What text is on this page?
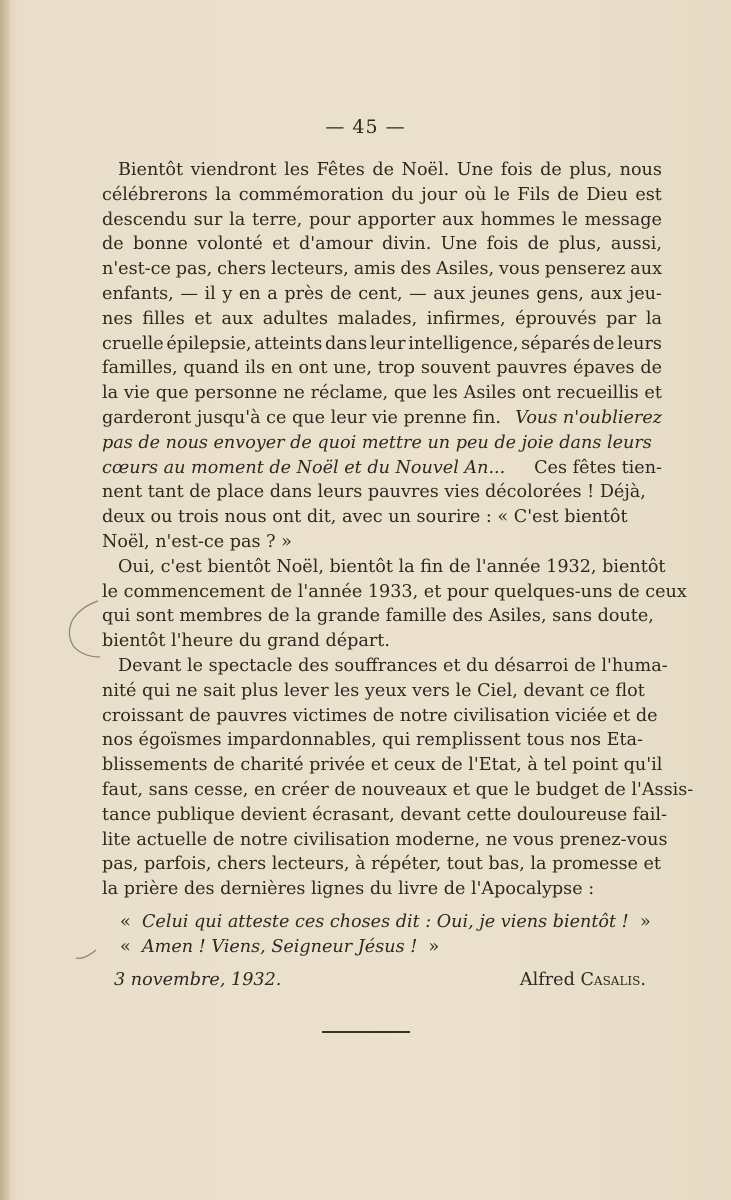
— 45 —
Bientôt viendront les Fêtes de Noël. Une fois de plus, nous
célébrerons la commémoration du jour où le Fils de Dieu est
descendu sur la terre, pour apporter aux hommes le message
de bonne volonté et d'amour divin. Une fois de plus, aussi,
n'est-ce pas, chers lecteurs, amis des Asiles, vous penserez aux
enfants, — il y en a près de cent, — aux jeunes gens, aux jeu-
nes filles et aux adultes malades, infirmes, éprouvés par la
cruelle épilepsie, atteints dans leur intelligence, séparés de leurs
familles, quand ils en ont une, trop souvent pauvres épaves de
la vie que personne ne réclame, que les Asiles ont recueillis et
garderont jusqu'à ce que leur vie prenne fin. Vous n'oublierez
pas de nous envoyer de quoi mettre un peu de joie dans leurs
cœurs au moment de Noël et du Nouvel An... Ces fêtes tien-
nent tant de place dans leurs pauvres vies décolorées ! Déjà,
deux ou trois nous ont dit, avec un sourire : « C'est bientôt
Noël, n'est-ce pas ? »
Oui, c'est bientôt Noël, bientôt la fin de l'année 1932, bientôt
le commencement de l'année 1933, et pour quelques-uns de ceux
qui sont membres de la grande famille des Asiles, sans doute,
bientôt l'heure du grand départ.
Devant le spectacle des souffrances et du désarroi de l'huma-
nité qui ne sait plus lever les yeux vers le Ciel, devant ce flot
croissant de pauvres victimes de notre civilisation viciée et de
nos égoïsmes impardonnables, qui remplissent tous nos Eta-
blissements de charité privée et ceux de l'Etat, à tel point qu'il
faut, sans cesse, en créer de nouveaux et que le budget de l'Assis-
tance publique devient écrasant, devant cette douloureuse fail-
lite actuelle de notre civilisation moderne, ne vous prenez-vous
pas, parfois, chers lecteurs, à répéter, tout bas, la promesse et
la prière des dernières lignes du livre de l'Apocalypse :
«
Celui qui atteste ces choses dit : Oui, je viens bientôt !
»
«
Amen ! Viens, Seigneur Jésus !
»
3 novembre, 1932.	Alfred Casalis.
